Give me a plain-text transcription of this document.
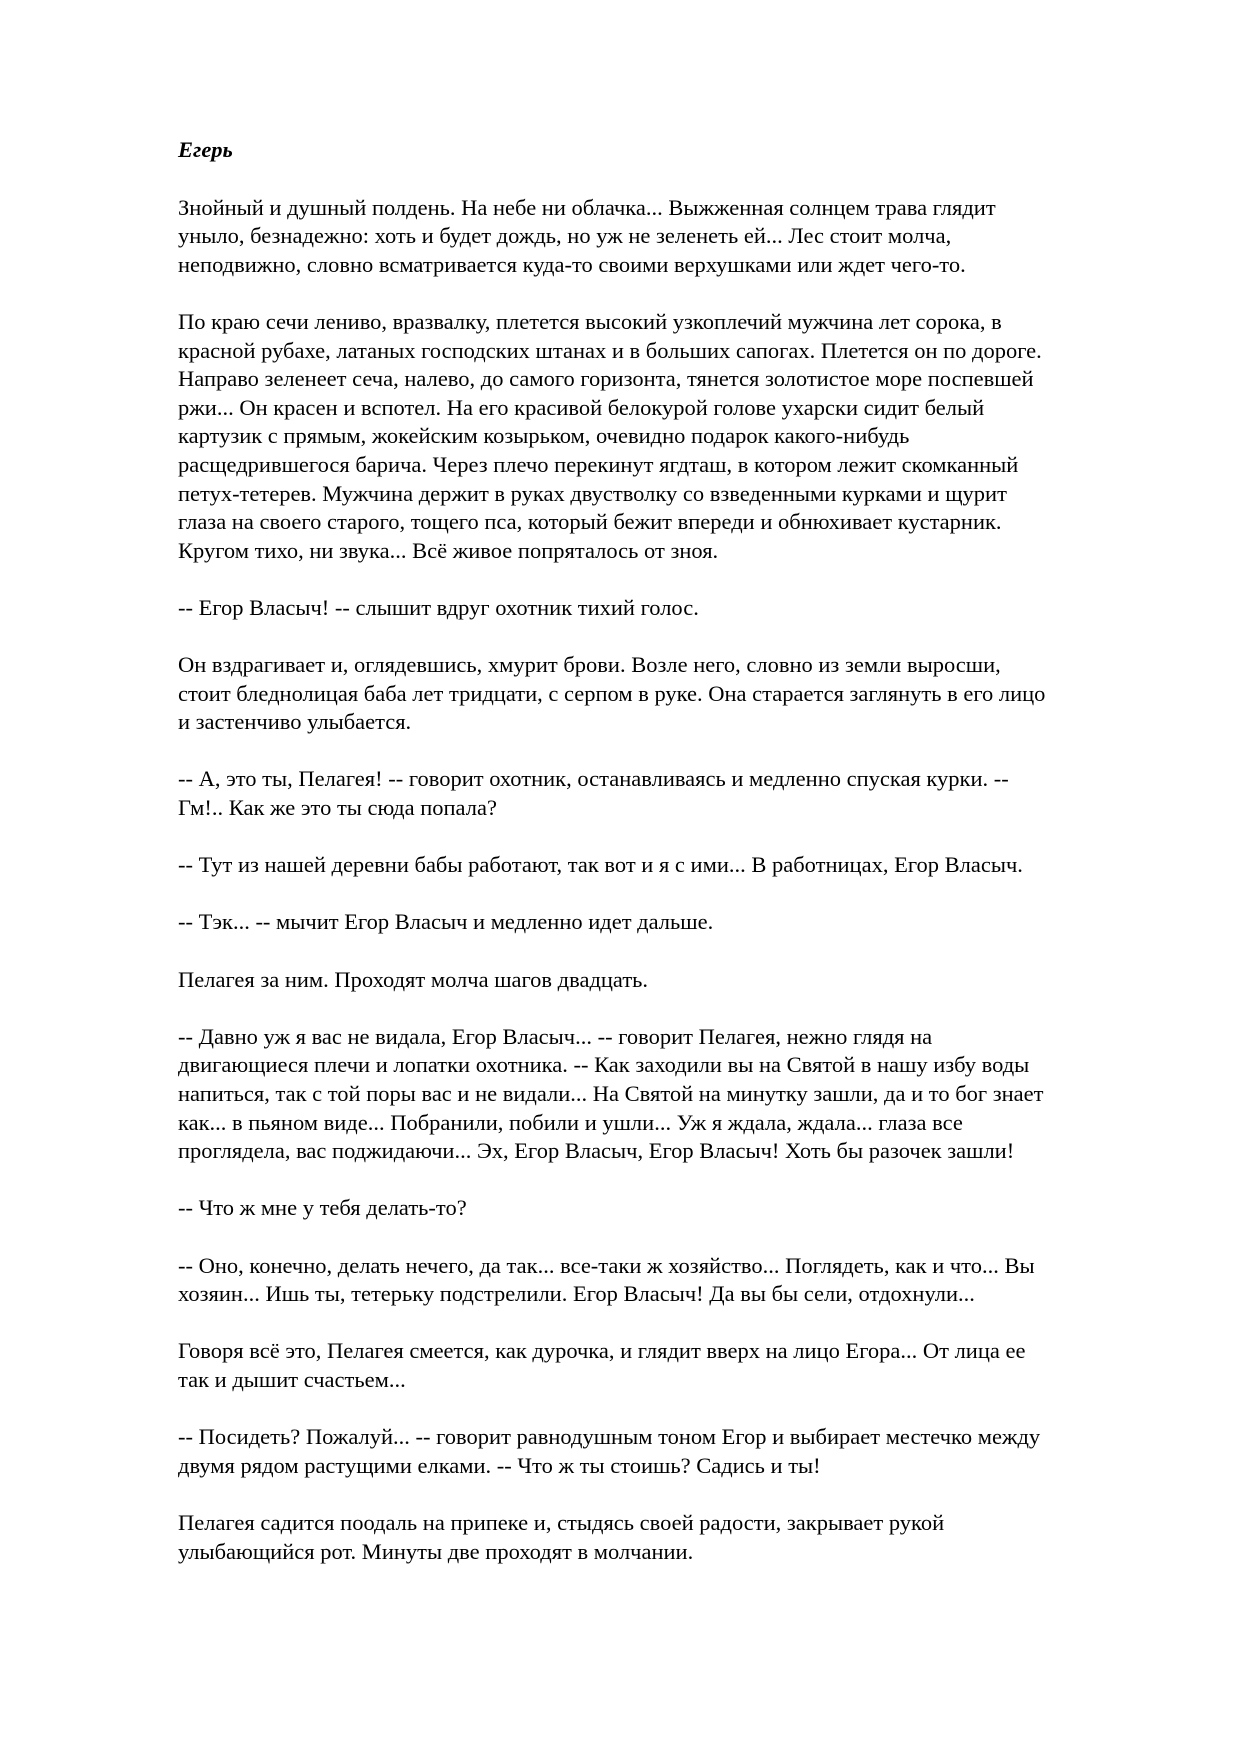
Егерь
Знойный и душный полдень. На небе ни облачка... Выжженная солнцем трава глядит
уныло, безнадежно: хоть и будет дождь, но уж не зеленеть ей... Лес стоит молча,
неподвижно, словно всматривается куда-то своими верхушками или ждет чего-то.
По краю сечи лениво, вразвалку, плетется высокий узкоплечий мужчина лет сорока, в
красной рубахе, латаных господских штанах и в больших сапогах. Плетется он по дороге.
Направо зеленеет сеча, налево, до самого горизонта, тянется золотистое море поспевшей
ржи... Он красен и вспотел. На его красивой белокурой голове ухарски сидит белый
картузик с прямым, жокейским козырьком, очевидно подарок какого-нибудь
расщедрившегося барича. Через плечо перекинут ягдташ, в котором лежит скомканный
петух-тетерев. Мужчина держит в руках двустволку со взведенными курками и щурит
глаза на своего старого, тощего пса, который бежит впереди и обнюхивает кустарник.
Кругом тихо, ни звука... Всё живое попряталось от зноя.
-- Егор Власыч! -- слышит вдруг охотник тихий голос.
Он вздрагивает и, оглядевшись, хмурит брови. Возле него, словно из земли выросши,
стоит бледнолицая баба лет тридцати, с серпом в руке. Она старается заглянуть в его лицо
и застенчиво улыбается.
-- А, это ты, Пелагея! -- говорит охотник, останавливаясь и медленно спуская курки. --
Гм!.. Как же это ты сюда попала?
-- Тут из нашей деревни бабы работают, так вот и я с ими... В работницах, Егор Власыч.
-- Тэк... -- мычит Егор Власыч и медленно идет дальше.
Пелагея за ним. Проходят молча шагов двадцать.
-- Давно уж я вас не видала, Егор Власыч... -- говорит Пелагея, нежно глядя на
двигающиеся плечи и лопатки охотника. -- Как заходили вы на Святой в нашу избу воды
напиться, так с той поры вас и не видали... На Святой на минутку зашли, да и то бог знает
как... в пьяном виде... Побранили, побили и ушли... Уж я ждала, ждала... глаза все
проглядела, вас поджидаючи... Эх, Егор Власыч, Егор Власыч! Хоть бы разочек зашли!
-- Что ж мне у тебя делать-то?
-- Оно, конечно, делать нечего, да так... все-таки ж хозяйство... Поглядеть, как и что... Вы
хозяин... Ишь ты, тетерьку подстрелили. Егор Власыч! Да вы бы сели, отдохнули...
Говоря всё это, Пелагея смеется, как дурочка, и глядит вверх на лицо Егора... От лица ее
так и дышит счастьем...
-- Посидеть? Пожалуй... -- говорит равнодушным тоном Егор и выбирает местечко между
двумя рядом растущими елками. -- Что ж ты стоишь? Садись и ты!
Пелагея садится поодаль на припеке и, стыдясь своей радости, закрывает рукой
улыбающийся рот. Минуты две проходят в молчании.
